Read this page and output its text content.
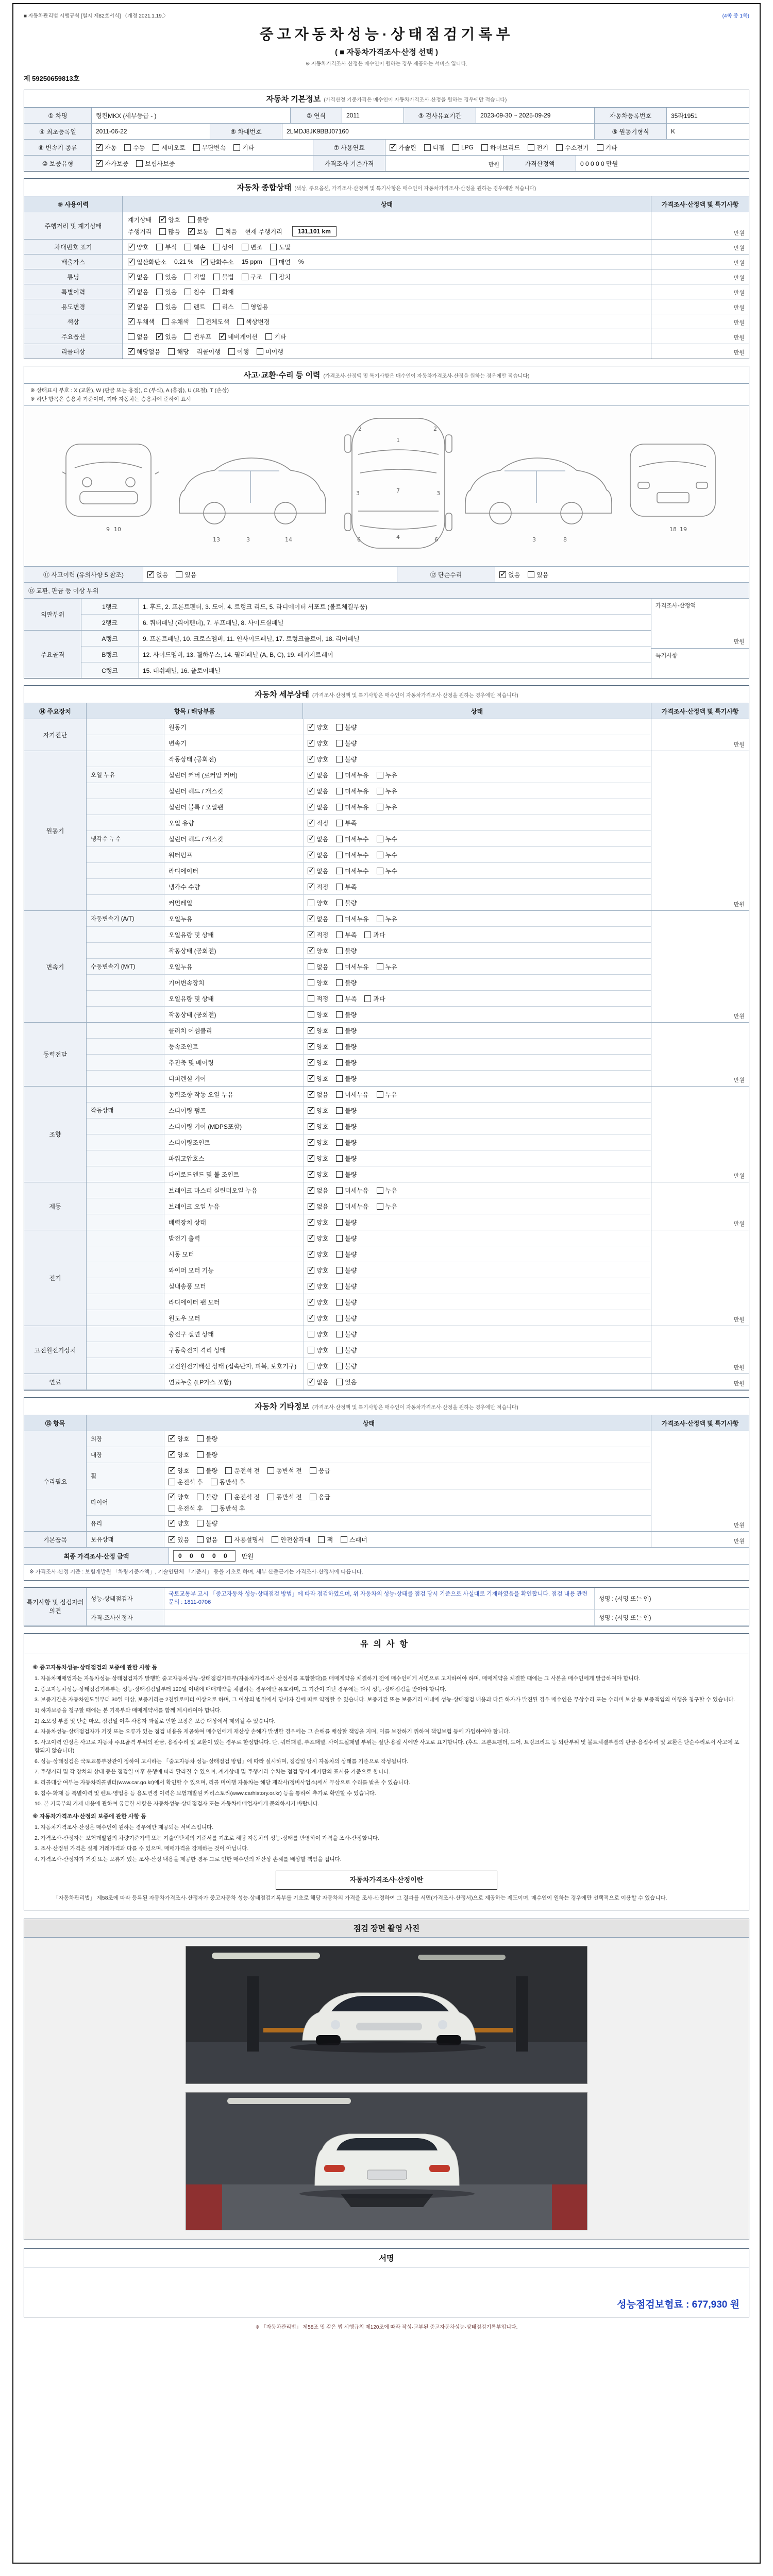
■ 자동차관리법 시행규칙 [별지 제82호서식] 〈개정 2021.1.19.〉	(4쪽 중 1쪽)
중고자동차성능·상태점검기록부
( ■ 자동차가격조사·산정 선택 )
※ 자동차가격조사·산정은 매수인이 원하는 경우 제공하는 서비스 입니다.
제 59250659813호
자동차 기본정보 (가격산정 기준가격은 매수인이 자동차가격조사·산정을 원하는 경우에만 적습니다)
① 차명	링컨MKX (세부등급 - )	② 연식	2011	③ 검사유효기간	2023-09-30 ~ 2025-09-29	자동차등록번호	35라1951
④ 최초등록일	2011-06-22	⑤ 차대번호	2LMDJ8JK9BBJ07160	⑧ 원동기형식	K
⑥ 변속기 종류 ✓	자동	수동	세미오토	무단변속	기타	⑦ 사용연료 ✓	가솔린	디젤	LPG	하이브리드	전기	수소전기	기타
⑩ 보증유형 ✓	자가보증	보험사보증	가격조사 기준가격	만원	가격산정액	0 0 0 0 0 만원
자동차 종합상태 (색상, 주요옵션, 가격조사·산정액 및 특기사항은 매수인이 자동차가격조사·산정을 원하는 경우에만 적습니다)
⑨ 사용이력	상태	가격조사·산정액 및 특기사항
주행거리 및 계기상태
계기상태 ✓	양호	불량
주행거리	많음 ✓	보통	적음 현재 주행거리	131,101 km	만원
차대번호 표기 ✓	양호	부식	훼손	상이	변조	도말	만원
배출가스 ✓	일산화탄소 0.21 % ✓	탄화수소 15 ppm	매연 %	만원
튜닝 ✓	없음	있음	적법	불법	구조	장치	만원
특별이력 ✓	없음	있음	침수	화재	만원
용도변경 ✓	없음	있음	렌트	리스	영업용	만원
색상 ✓	무채색	유채색	전체도색	색상변경	만원
주요옵션	없음 ✓	있음	썬루프 ✓	네비게이션	기타	만원
리콜대상 ✓	해당없음	해당 리콜이행	이행	미이행	만원
사고·교환·수리 등 이력 (가격조사·산정액 및 특기사항은 매수인이 자동차가격조사·산정을 원하는 경우에만 적습니다)
※ 상태표시 부호 : X (교환), W (판금 또는 용접), C (부식), A (흠집), U (요철), T (손상)
※ 하단 항목은 승용차 기준이며, 기타 자동차는 승용차에 준하여 표시
9 10
3
13	14	3	8
1
7
4
2	2
3	3
6	6
18 19
⑪ 사고이력 (유의사항 5 참조) ✓	없음	있음	⑫ 단순수리 ✓	없음	있음
⑬ 교환, 판금 등 이상 부위
외판부위
1랭크	1. 후드, 2. 프론트펜더, 3. 도어, 4. 트렁크 리드, 5. 라디에이터 서포트 (볼트체결부품)
2랭크	6. 쿼터패널 (리어펜더), 7. 루프패널, 8. 사이드실패널
주요골격
A랭크	9. 프론트패널, 10. 크로스멤버, 11. 인사이드패널, 17. 트렁크플로어, 18. 리어패널
B랭크	12. 사이드멤버, 13. 휠하우스, 14. 필러패널 (A, B, C), 19. 패키지트레이
C랭크	15. 대쉬패널, 16. 플로어패널
가격조사·산정액
만원
특기사항
자동차 세부상태 (가격조사·산정액 및 특기사항은 매수인이 자동차가격조사·산정을 원하는 경우에만 적습니다)
⑭ 주요장치	항목 / 해당부품	상태	가격조사·산정액 및 특기사항
자기진단
원동기 ✓	양호	불량
변속기 ✓	양호	불량	만원
원동기
작동상태 (공회전) ✓	양호	불량
오일 누유	실린더 커버 (로커암 커버) ✓	없음	미세누유	누유
실린더 헤드 / 개스킷 ✓	없음	미세누유	누유
실린더 블록 / 오일팬 ✓	없음	미세누유	누유
오일 유량 ✓	적정	부족
냉각수 누수	실린더 헤드 / 개스킷 ✓	없음	미세누수	누수
워터펌프 ✓	없음	미세누수	누수
라디에이터 ✓	없음	미세누수	누수
냉각수 수량 ✓	적정	부족
커먼레일	양호	불량	만원
변속기
자동변속기 (A/T)	오일누유 ✓	없음	미세누유	누유
오일유량 및 상태 ✓	적정	부족	과다
작동상태 (공회전) ✓	양호	불량
수동변속기 (M/T)	오일누유	없음	미세누유	누유
기어변속장치	양호	불량
오일유량 및 상태	적정	부족	과다
작동상태 (공회전)	양호	불량	만원
동력전달
클러치 어셈블리 ✓	양호	불량
등속조인트 ✓	양호	불량
추진축 및 베어링 ✓	양호	불량
디퍼렌셜 기어 ✓	양호	불량	만원
조향
동력조향 작동 오일 누유 ✓	없음	미세누유	누유
작동상태	스티어링 펌프 ✓	양호	불량
스티어링 기어 (MDPS포함) ✓	양호	불량
스티어링조인트 ✓	양호	불량
파워고압호스 ✓	양호	불량
타이로드엔드 및 볼 조인트 ✓	양호	불량	만원
제동
브레이크 마스터 실린더오일 누유 ✓	없음	미세누유	누유
브레이크 오일 누유 ✓	없음	미세누유	누유
배력장치 상태 ✓	양호	불량	만원
전기
발전기 출력 ✓	양호	불량
시동 모터 ✓	양호	불량
와이퍼 모터 기능 ✓	양호	불량
실내송풍 모터 ✓	양호	불량
라디에이터 팬 모터 ✓	양호	불량
윈도우 모터 ✓	양호	불량	만원
고전원전기장치
충전구 절연 상태	양호	불량
구동축전지 격리 상태	양호	불량
고전원전기배선 상태 (접속단자, 피복, 보호기구)	양호	불량	만원
연료	연료누출 (LP가스 포함) ✓	없음	있음	만원
자동차 기타정보 (가격조사·산정액 및 특기사항은 매수인이 자동차가격조사·산정을 원하는 경우에만 적습니다)
⑮ 항목	상태	가격조사·산정액 및 특기사항
수리필요
외장 ✓	양호	불량
내장 ✓	양호	불량
휠
✓
양호	불량	운전석 전	동반석 전	응급
운전석 후	동반석 후
타이어
✓
양호	불량	운전석 전	동반석 전	응급
운전석 후	동반석 후
유리 ✓	양호	불량	만원
기본품목	보유상태 ✓	있음	없음	사용설명서	안전삼각대	잭	스패너	만원
최종 가격조사·산정 금액	0 0 0 0 0	만원
※ 가격조사·산정 기준 : 보험개발원 「차량기준가액」, 기술인단체 「기준서」 등을 기초로 하며, 세부 산출근거는 가격조사·산정서에 따릅니다.
특기사항 및 점검자의 의견
성능·상태점검자
국토교통부 고시 「중고자동차 성능·상태점검 방법」에 따라 점검하였으며, 위 자동차의 성능·상태를 점검 당시 기준으로 사실대로 기재하였음을 확인합니다. 점검 내용 관련 문의 : 1811-0706	성명 : (서명 또는 인)
가격·조사산정자	성명 : (서명 또는 인)
유의사항
※ 중고자동차성능·상태점검의 보증에 관한 사항 등

1. 자동차매매업자는 자동차성능·상태점검자가 발행한 중고자동차성능·상태점검기록부(자동차가격조사·산정서를 포함한다)를 매매계약을 체결하기 전에 매수인에게 서면으로 고지하여야 하며, 매매계약을 체결한 때에는 그 사본을 매수인에게 발급하여야 합니다.

2. 중고자동차성능·상태점검기록부는 성능·상태점검일부터 120일 이내에 매매계약을 체결하는 경우에만 유효하며, 그 기간이 지난 경우에는 다시 성능·상태점검을 받아야 합니다.

3. 보증기간은 자동차인도일부터 30일 이상, 보증거리는 2천킬로미터 이상으로 하며, 그 이상의 범위에서 당사자 간에 따로 약정할 수 있습니다. 보증기간 또는 보증거리 이내에 성능·상태점검 내용과 다른 하자가 발견된 경우 매수인은 무상수리 또는 수리비 보상 등 보증책임의 이행을 청구할 수 있습니다.

1) 하자보증을 청구할 때에는 본 기록부와 매매계약서를 함께 제시하여야 합니다.

2) 소모성 부품 및 단순 마모, 점검일 이후 사용자 과실로 인한 고장은 보증 대상에서 제외될 수 있습니다.

4. 자동차성능·상태점검자가 거짓 또는 오류가 있는 점검 내용을 제공하여 매수인에게 재산상 손해가 발생한 경우에는 그 손해를 배상할 책임을 지며, 이를 보장하기 위하여 책임보험 등에 가입하여야 합니다.

5. 사고이력 인정은 사고로 자동차 주요골격 부위의 판금, 용접수리 및 교환이 있는 경우로 한정합니다. 단, 쿼터패널, 루프패널, 사이드실패널 부위는 절단·용접 시에만 사고로 표기합니다. (후드, 프론트펜더, 도어, 트렁크리드 등 외판부위 및 볼트체결부품의 판금·용접수리 및 교환은 단순수리로서 사고에 포함되지 않습니다)

6. 성능·상태점검은 국토교통부장관이 정하여 고시하는 「중고자동차 성능·상태점검 방법」에 따라 실시하며, 점검일 당시 자동차의 상태를 기준으로 작성됩니다.

7. 주행거리 및 각 장치의 상태 등은 점검일 이후 운행에 따라 달라질 수 있으며, 계기상태 및 주행거리 수치는 점검 당시 계기판의 표시를 기준으로 합니다.

8. 리콜대상 여부는 자동차리콜센터(www.car.go.kr)에서 확인할 수 있으며, 리콜 미이행 자동차는 해당 제작사(정비사업소)에서 무상으로 수리를 받을 수 있습니다.

9. 침수·화재 등 특별이력 및 렌트·영업용 등 용도변경 이력은 보험개발원 카히스토리(www.carhistory.or.kr) 등을 통하여 추가로 확인할 수 있습니다.

10. 본 기록부의 기재 내용에 관하여 궁금한 사항은 자동차성능·상태점검자 또는 자동차매매업자에게 문의하시기 바랍니다.

※ 자동차가격조사·산정의 보증에 관한 사항 등

1. 자동차가격조사·산정은 매수인이 원하는 경우에만 제공되는 서비스입니다.

2. 가격조사·산정자는 보험개발원의 차량기준가액 또는 기술인단체의 기준서를 기초로 해당 자동차의 성능·상태를 반영하여 가격을 조사·산정합니다.

3. 조사·산정된 가격은 실제 거래가격과 다를 수 있으며, 매매가격을 강제하는 것이 아닙니다.

4. 가격조사·산정자가 거짓 또는 오류가 있는 조사·산정 내용을 제공한 경우 그로 인한 매수인의 재산상 손해를 배상할 책임을 집니다.

자동차가격조사·산정이란

「자동차관리법」 제58조에 따라 등록된 자동차가격조사·산정자가 중고자동차 성능·상태점검기록부를 기초로 해당 자동차의 가격을 조사·산정하여 그 결과를 서면(가격조사·산정서)으로 제공하는 제도이며, 매수인이 원하는 경우에만 선택적으로 이용할 수 있습니다.

점검 장면 촬영 사진
서명
성능점검보험료 : 677,930 원
※ 「자동차관리법」 제58조 및 같은 법 시행규칙 제120조에 따라 작성·교부된 중고자동차성능·상태점검기록부입니다.
